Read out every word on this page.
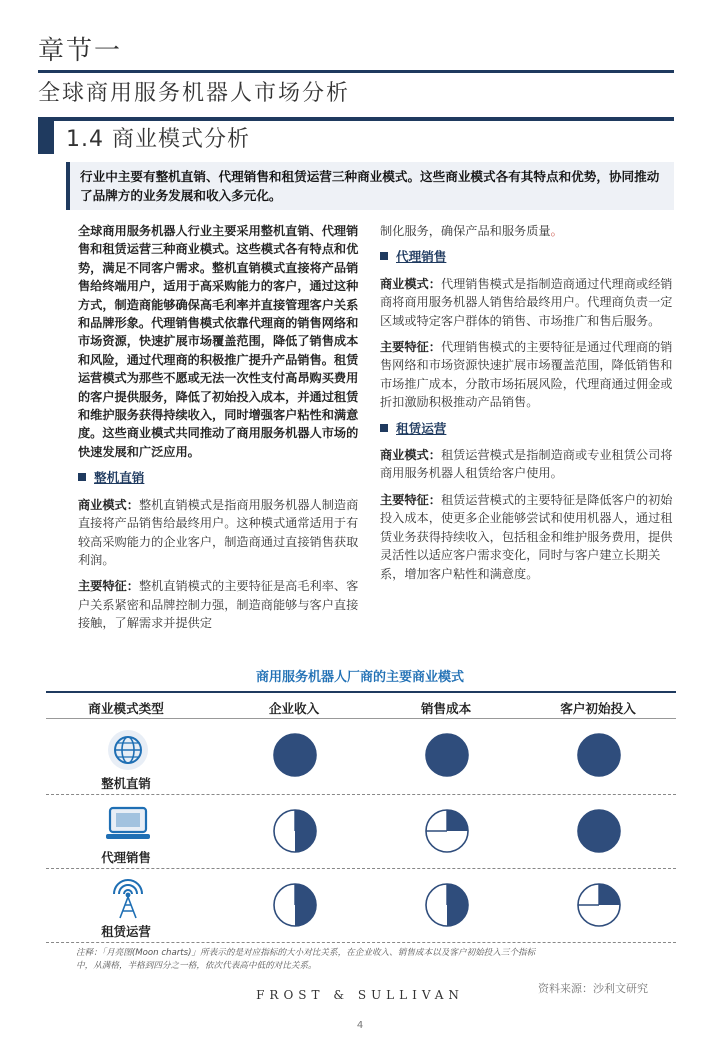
章节一
全球商用服务机器人市场分析
1.4 商业模式分析
行业中主要有整机直销、代理销售和租赁运营三种商业模式。这些商业模式各有其特点和优势，协同推动了品牌方的业务发展和收入多元化。
全球商用服务机器人行业主要采用整机直销、代理销售和租赁运营三种商业模式。这些模式各有特点和优势，满足不同客户需求。整机直销模式直接将产品销售给终端用户，适用于高采购能力的客户，通过这种方式，制造商能够确保高毛利率并直接管理客户关系和品牌形象。代理销售模式依靠代理商的销售网络和市场资源，快速扩展市场覆盖范围，降低了销售成本和风险，通过代理商的积极推广提升产品销售。租赁运营模式为那些不愿或无法一次性支付高昂购买费用的客户提供服务，降低了初始投入成本，并通过租赁和维护服务获得持续收入，同时增强客户粘性和满意度。这些商业模式共同推动了商用服务机器人市场的快速发展和广泛应用。
整机直销
商业模式：整机直销模式是指商用服务机器人制造商直接将产品销售给最终用户。这种模式通常适用于有较高采购能力的企业客户，制造商通过直接销售获取利润。
主要特征：整机直销模式的主要特征是高毛利率、客户关系紧密和品牌控制力强，制造商能够与客户直接接触，了解需求并提供定
制化服务，确保产品和服务质量。
代理销售
商业模式：代理销售模式是指制造商通过代理商或经销商将商用服务机器人销售给最终用户。代理商负责一定区域或特定客户群体的销售、市场推广和售后服务。
主要特征：代理销售模式的主要特征是通过代理商的销售网络和市场资源快速扩展市场覆盖范围，降低销售和市场推广成本，分散市场拓展风险，代理商通过佣金或折扣激励积极推动产品销售。
租赁运营
商业模式：租赁运营模式是指制造商或专业租赁公司将商用服务机器人租赁给客户使用。
主要特征：租赁运营模式的主要特征是降低客户的初始投入成本，使更多企业能够尝试和使用机器人，通过租赁业务获得持续收入，包括租金和维护服务费用，提供灵活性以适应客户需求变化，同时与客户建立长期关系，增加客户粘性和满意度。
商用服务机器人厂商的主要商业模式
商业模式类型	企业收入	销售成本	客户初始投入
整机直销
代理销售
租赁运营
注释：「月亮图(Moon charts)」所表示的是对应指标的大小对比关系，在企业收入、销售成本以及客户初始投入三个指标中，从满格，半格到四分之一格，依次代表高中低的对比关系。
资料来源：沙利文研究
FROST & SULLIVAN
4
